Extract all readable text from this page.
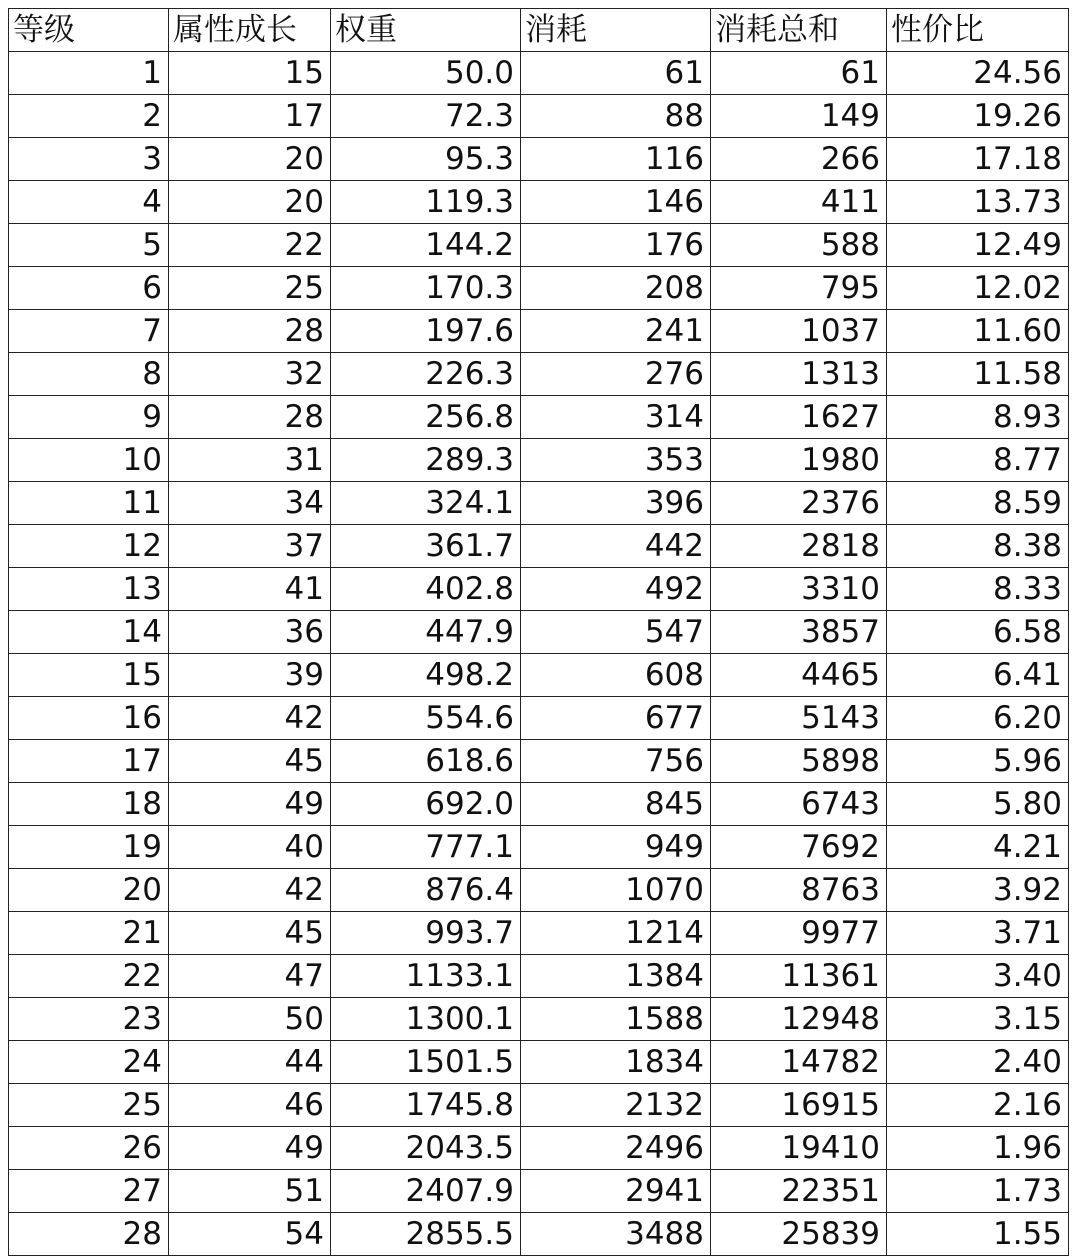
等级	属性成长	权重	消耗	消耗总和	性价比
1	15	50.0	61	61	24.56
2	17	72.3	88	149	19.26
3	20	95.3	116	266	17.18
4	20	119.3	146	411	13.73
5	22	144.2	176	588	12.49
6	25	170.3	208	795	12.02
7	28	197.6	241	1037	11.60
8	32	226.3	276	1313	11.58
9	28	256.8	314	1627	8.93
10	31	289.3	353	1980	8.77
11	34	324.1	396	2376	8.59
12	37	361.7	442	2818	8.38
13	41	402.8	492	3310	8.33
14	36	447.9	547	3857	6.58
15	39	498.2	608	4465	6.41
16	42	554.6	677	5143	6.20
17	45	618.6	756	5898	5.96
18	49	692.0	845	6743	5.80
19	40	777.1	949	7692	4.21
20	42	876.4	1070	8763	3.92
21	45	993.7	1214	9977	3.71
22	47	1133.1	1384	11361	3.40
23	50	1300.1	1588	12948	3.15
24	44	1501.5	1834	14782	2.40
25	46	1745.8	2132	16915	2.16
26	49	2043.5	2496	19410	1.96
27	51	2407.9	2941	22351	1.73
28	54	2855.5	3488	25839	1.55
